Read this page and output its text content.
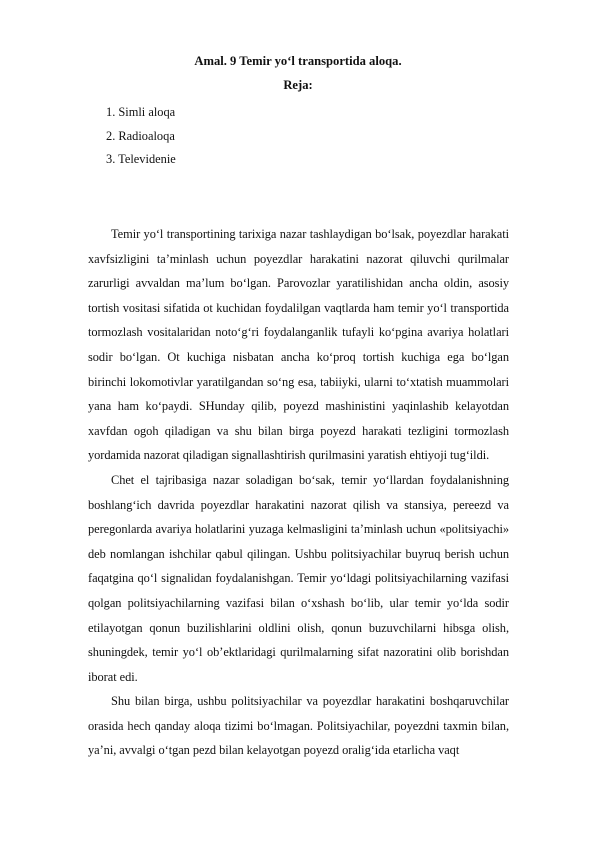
Amal. 9 Temir yo‘l transportida aloqa.
Reja:
1. Simli aloqa
2. Radioaloqa
3. Televidenie

Temir yo‘l transportining tarixiga nazar tashlaydigan bo‘lsak, poyezdlar harakati xavfsizligini ta’minlash uchun poyezdlar harakatini nazorat qiluvchi qurilmalar zarurligi avvaldan ma’lum bo‘lgan. Parovozlar yaratilishidan ancha oldin, asosiy tortish vositasi sifatida ot kuchidan foydalilgan vaqtlarda ham temir yo‘l transportida tormozlash vositalaridan noto‘g‘ri foydalanganlik tufayli ko‘pgina avariya holatlari sodir bo‘lgan. Ot kuchiga nisbatan ancha ko‘proq tortish kuchiga ega bo‘lgan birinchi lokomotivlar yaratilgandan so‘ng esa, tabiiyki, ularni to‘xtatish muammolari yana ham ko‘paydi. SHunday qilib, poyezd mashinistini yaqinlashib kelayotdan xavfdan ogoh qiladigan va shu bilan birga poyezd harakati tezligini tormozlash yordamida nazorat qiladigan signallashtirish qurilmasini yaratish ehtiyoji tug‘ildi.

Chet el tajribasiga nazar soladigan bo‘sak, temir yo‘llardan foydalanishning boshlang‘ich davrida poyezdlar harakatini nazorat qilish va stansiya, pereezd va peregonlarda avariya holatlarini yuzaga kelmasligini ta’minlash uchun «politsiyachi» deb nomlangan ishchilar qabul qilingan. Ushbu politsiyachilar buyruq berish uchun faqatgina qo‘l signalidan foydalanishgan. Temir yo‘ldagi politsiyachilarning vazifasi qolgan politsiyachilarning vazifasi bilan o‘xshash bo‘lib, ular temir yo‘lda sodir etilayotgan qonun buzilishlarini oldlini olish, qonun buzuvchilarni hibsga olish, shuningdek, temir yo‘l ob’ektlaridagi qurilmalarning sifat nazoratini olib borishdan iborat edi.

Shu bilan birga, ushbu politsiyachilar va poyezdlar harakatini boshqaruvchilar orasida hech qanday aloqa tizimi bo‘lmagan. Politsiyachilar, poyezdni taxmin bilan, ya’ni, avvalgi o‘tgan pezd bilan kelayotgan poyezd oralig‘ida etarlicha vaqt
